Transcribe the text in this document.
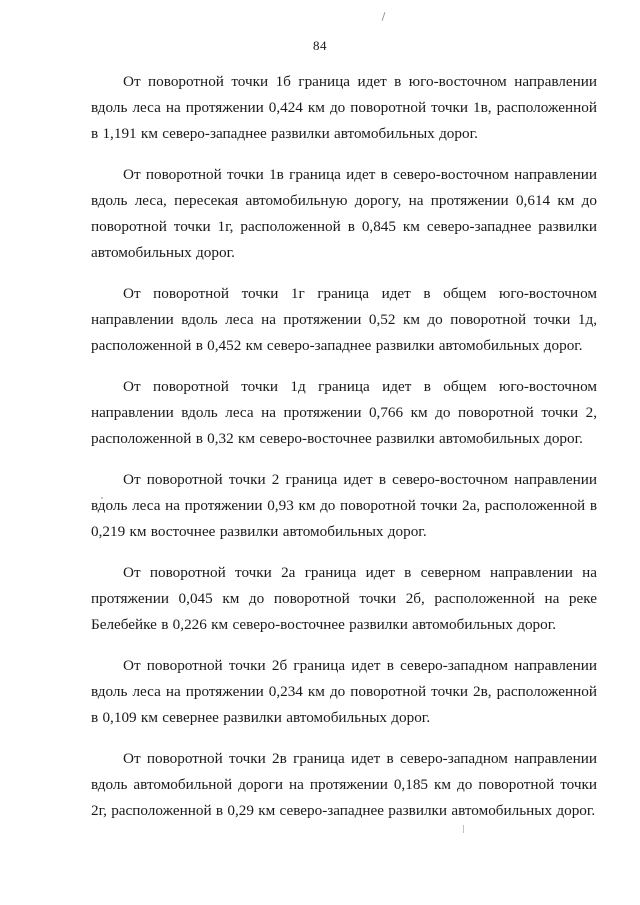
84

От поворотной точки 1б граница идет в юго-восточном направлении вдоль леса на протяжении 0,424 км до поворотной точки 1в, расположенной в 1,191 км северо-западнее развилки автомобильных дорог.

От поворотной точки 1в граница идет в северо-восточном направлении вдоль леса, пересекая автомобильную дорогу, на протяжении 0,614 км до поворотной точки 1г, расположенной в 0,845 км северо-западнее развилки автомобильных дорог.

От поворотной точки 1г граница идет в общем юго-восточном направлении вдоль леса на протяжении 0,52 км до поворотной точки 1д, расположенной в 0,452 км северо-западнее развилки автомобильных дорог.

От поворотной точки 1д граница идет в общем юго-восточном направлении вдоль леса на протяжении 0,766 км до поворотной точки 2, расположенной в 0,32 км северо-восточнее развилки автомобильных дорог.

От поворотной точки 2 граница идет в северо-восточном направлении вдоль леса на протяжении 0,93 км до поворотной точки 2а, расположенной в 0,219 км восточнее развилки автомобильных дорог.

От поворотной точки 2а граница идет в северном направлении на протяжении 0,045 км до поворотной точки 2б, расположенной на реке Белебейке в 0,226 км северо-восточнее развилки автомобильных дорог.

От поворотной точки 2б граница идет в северо-западном направлении вдоль леса на протяжении 0,234 км до поворотной точки 2в, расположенной в 0,109 км севернее развилки автомобильных дорог.

От поворотной точки 2в граница идет в северо-западном направлении вдоль автомобильной дороги на протяжении 0,185 км до поворотной точки 2г, расположенной в 0,29 км северо-западнее развилки автомобильных дорог.
